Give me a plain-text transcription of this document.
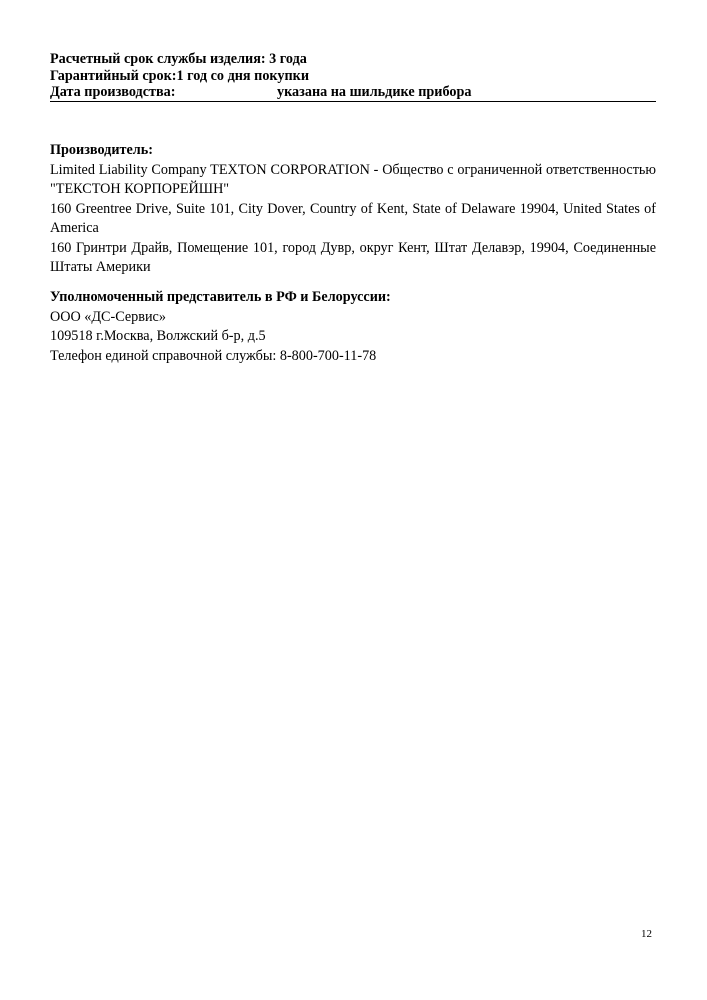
Расчетный срок службы изделия: 3 года
Гарантийный срок:1 год со дня покупки
Дата производства:	указана на шильдике прибора
Производитель:
Limited Liability Company TEXTON CORPORATION - Общество с ограниченной ответственностью "ТЕКСТОН КОРПОРЕЙШН"
160 Greentree Drive, Suite 101, City Dover, Country of Kent, State of Delaware 19904, United States of America
160 Гринтри Драйв, Помещение 101, город Дувр, округ Кент, Штат Делавэр, 19904, Соединенные Штаты Америки
Уполномоченный представитель в РФ и Белоруссии:
ООО «ДС-Сервис»
109518 г.Москва, Волжский б-р, д.5
Телефон единой справочной службы: 8-800-700-11-78
12
